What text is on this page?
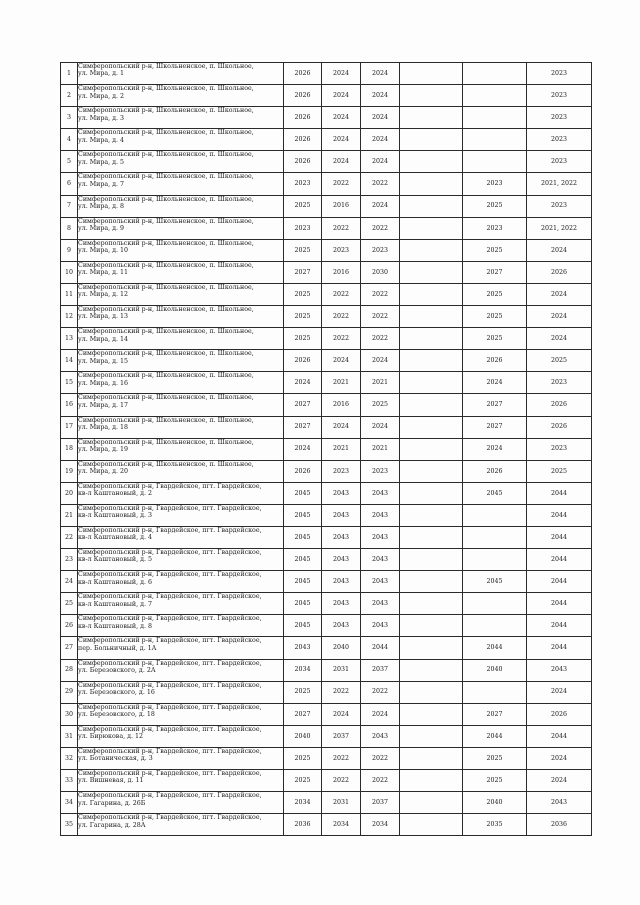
1	Симферопольский р-н, Школьненское, п. Школьное,
ул. Мира, д. 1	2026	2024	2024			2023
2	Симферопольский р-н, Школьненское, п. Школьное,
ул. Мира, д. 2	2026	2024	2024			2023
3	Симферопольский р-н, Школьненское, п. Школьное,
ул. Мира, д. 3	2026	2024	2024			2023
4	Симферопольский р-н, Школьненское, п. Школьное,
ул. Мира, д. 4	2026	2024	2024			2023
5	Симферопольский р-н, Школьненское, п. Школьное,
ул. Мира, д. 5	2026	2024	2024			2023
6	Симферопольский р-н, Школьненское, п. Школьное,
ул. Мира, д. 7	2023	2022	2022		2023	2021, 2022
7	Симферопольский р-н, Школьненское, п. Школьное,
ул. Мира, д. 8	2025	2016	2024		2025	2023
8	Симферопольский р-н, Школьненское, п. Школьное,
ул. Мира, д. 9	2023	2022	2022		2023	2021, 2022
9	Симферопольский р-н, Школьненское, п. Школьное,
ул. Мира, д. 10	2025	2023	2023		2025	2024
10	Симферопольский р-н, Школьненское, п. Школьное,
ул. Мира, д. 11	2027	2016	2030		2027	2026
11	Симферопольский р-н, Школьненское, п. Школьное,
ул. Мира, д. 12	2025	2022	2022		2025	2024
12	Симферопольский р-н, Школьненское, п. Школьное,
ул. Мира, д. 13	2025	2022	2022		2025	2024
13	Симферопольский р-н, Школьненское, п. Школьное,
ул. Мира, д. 14	2025	2022	2022		2025	2024
14	Симферопольский р-н, Школьненское, п. Школьное,
ул. Мира, д. 15	2026	2024	2024		2026	2025
15	Симферопольский р-н, Школьненское, п. Школьное,
ул. Мира, д. 16	2024	2021	2021		2024	2023
16	Симферопольский р-н, Школьненское, п. Школьное,
ул. Мира, д. 17	2027	2016	2025		2027	2026
17	Симферопольский р-н, Школьненское, п. Школьное,
ул. Мира, д. 18	2027	2024	2024		2027	2026
18	Симферопольский р-н, Школьненское, п. Школьное,
ул. Мира, д. 19	2024	2021	2021		2024	2023
19	Симферопольский р-н, Школьненское, п. Школьное,
ул. Мира, д. 20	2026	2023	2023		2026	2025
20	Симферопольский р-н, Гвардейское, пгт. Гвардейское,
кв-л Каштановый, д. 2	2045	2043	2043		2045	2044
21	Симферопольский р-н, Гвардейское, пгт. Гвардейское,
кв-л Каштановый, д. 3	2045	2043	2043			2044
22	Симферопольский р-н, Гвардейское, пгт. Гвардейское,
кв-л Каштановый, д. 4	2045	2043	2043			2044
23	Симферопольский р-н, Гвардейское, пгт. Гвардейское,
кв-л Каштановый, д. 5	2045	2043	2043			2044
24	Симферопольский р-н, Гвардейское, пгт. Гвардейское,
кв-л Каштановый, д. 6	2045	2043	2043		2045	2044
25	Симферопольский р-н, Гвардейское, пгт. Гвардейское,
кв-л Каштановый, д. 7	2045	2043	2043			2044
26	Симферопольский р-н, Гвардейское, пгт. Гвардейское,
кв-л Каштановый, д. 8	2045	2043	2043			2044
27	Симферопольский р-н, Гвардейское, пгт. Гвардейское,
пер. Больничный, д. 1А	2043	2040	2044		2044	2044
28	Симферопольский р-н, Гвардейское, пгт. Гвардейское,
ул. Березовского, д. 2А	2034	2031	2037		2040	2043
29	Симферопольский р-н, Гвардейское, пгт. Гвардейское,
ул. Березовского, д. 16	2025	2022	2022			2024
30	Симферопольский р-н, Гвардейское, пгт. Гвардейское,
ул. Березовского, д. 18	2027	2024	2024		2027	2026
31	Симферопольский р-н, Гвардейское, пгт. Гвардейское,
ул. Бирюкова, д. 12	2040	2037	2043		2044	2044
32	Симферопольский р-н, Гвардейское, пгт. Гвардейское,
ул. Ботаническая, д. 3	2025	2022	2022		2025	2024
33	Симферопольский р-н, Гвардейское, пгт. Гвардейское,
ул. Вишневая, д. 11	2025	2022	2022		2025	2024
34	Симферопольский р-н, Гвардейское, пгт. Гвардейское,
ул. Гагарина, д. 26Б	2034	2031	2037		2040	2043
35	Симферопольский р-н, Гвардейское, пгт. Гвардейское,
ул. Гагарина, д. 28А	2036	2034	2034		2035	2036
